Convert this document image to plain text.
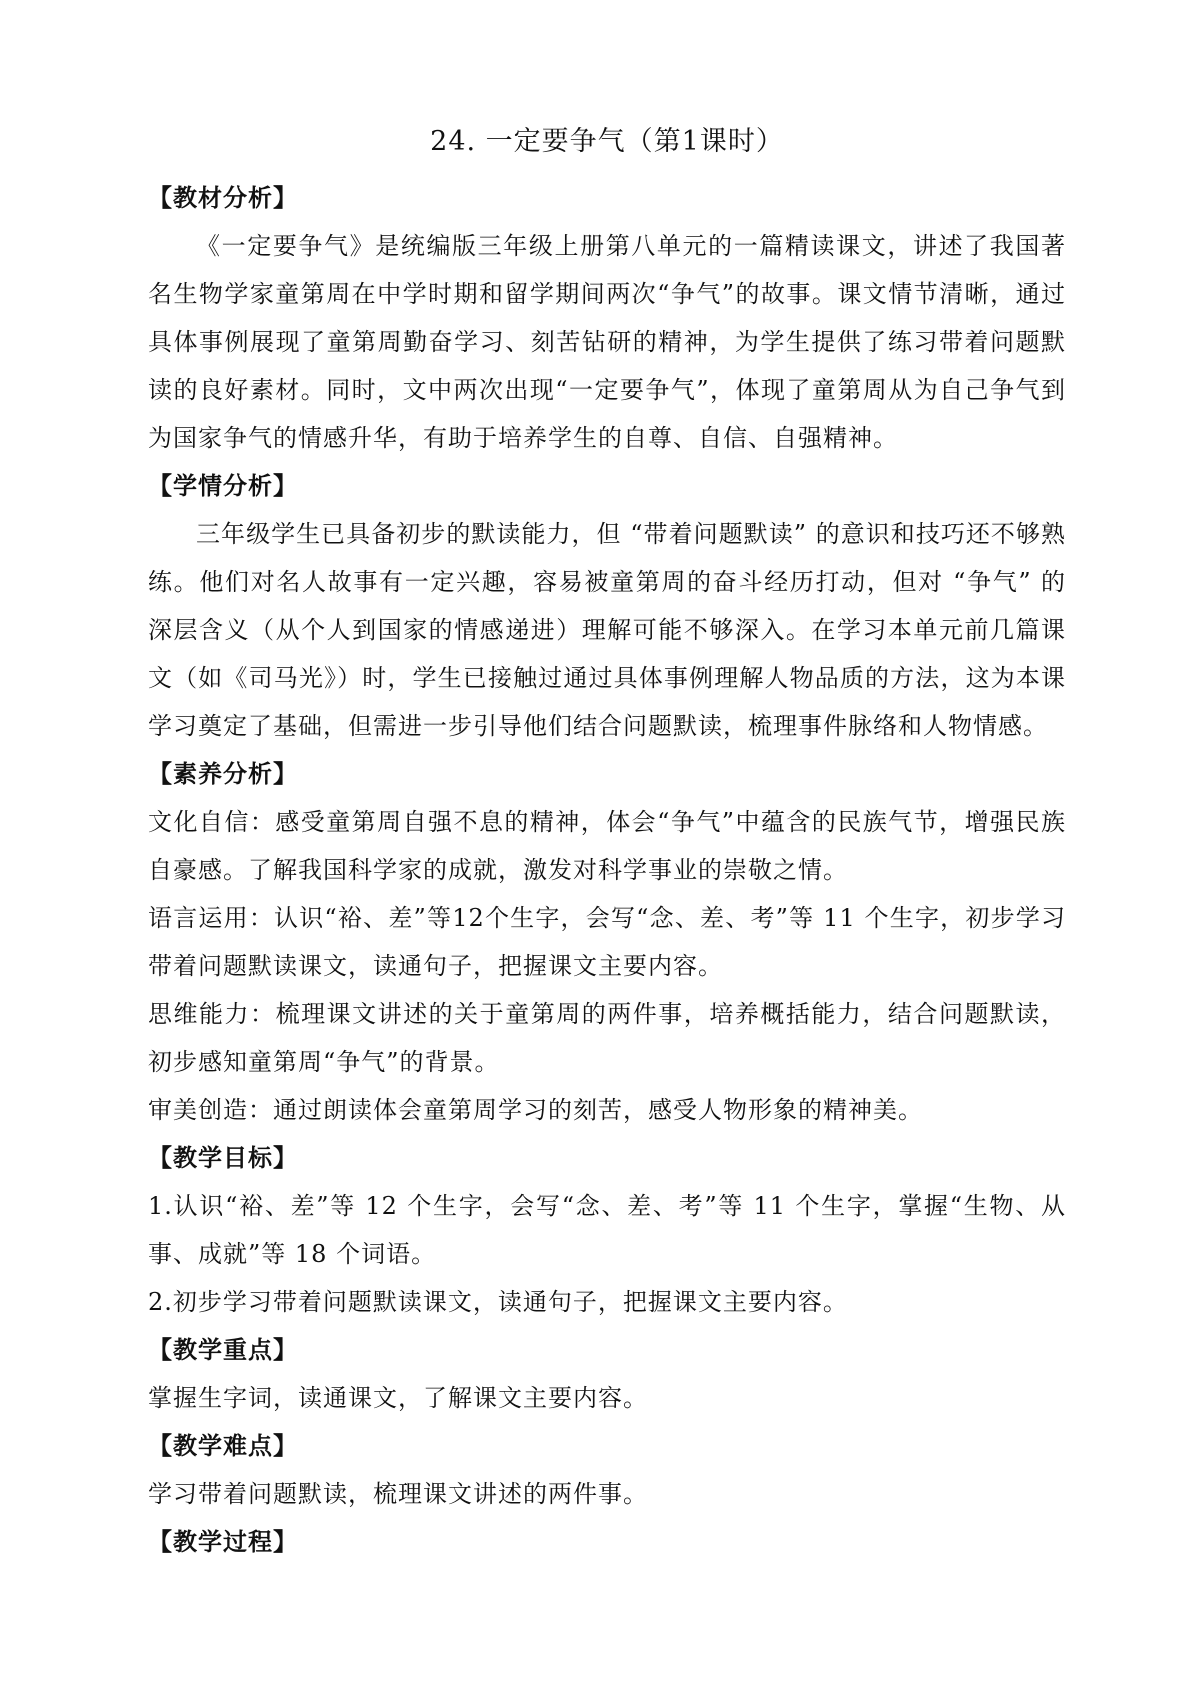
24. 一定要争气（第1课时）

【教材分析】

《一定要争气》是统编版三年级上册第八单元的一篇精读课文，讲述了我国著名生物学家童第周在中学时期和留学期间两次“争气”的故事。课文情节清晰，通过具体事例展现了童第周勤奋学习、刻苦钻研的精神，为学生提供了练习带着问题默读的良好素材。同时，文中两次出现“一定要争气”，体现了童第周从为自己争气到为国家争气的情感升华，有助于培养学生的自尊、自信、自强精神。

【学情分析】

三年级学生已具备初步的默读能力，但 “带着问题默读” 的意识和技巧还不够熟练。他们对名人故事有一定兴趣，容易被童第周的奋斗经历打动，但对 “争气” 的深层含义（从个人到国家的情感递进）理解可能不够深入。在学习本单元前几篇课文（如《司马光》）时，学生已接触过通过具体事例理解人物品质的方法，这为本课学习奠定了基础，但需进一步引导他们结合问题默读，梳理事件脉络和人物情感。

【素养分析】

文化自信：感受童第周自强不息的精神，体会“争气”中蕴含的民族气节，增强民族自豪感。了解我国科学家的成就，激发对科学事业的崇敬之情。

语言运用：认识“裕、差”等12个生字，会写“念、差、考”等 11 个生字，初步学习带着问题默读课文，读通句子，把握课文主要内容。

思维能力：梳理课文讲述的关于童第周的两件事，培养概括能力，结合问题默读，初步感知童第周“争气”的背景。

审美创造：通过朗读体会童第周学习的刻苦，感受人物形象的精神美。

【教学目标】

1.认识“裕、差”等 12 个生字，会写“念、差、考”等 11 个生字，掌握“生物、从事、成就”等 18 个词语。

2.初步学习带着问题默读课文，读通句子，把握课文主要内容。

【教学重点】

掌握生字词，读通课文，了解课文主要内容。

【教学难点】

学习带着问题默读，梳理课文讲述的两件事。

【教学过程】
